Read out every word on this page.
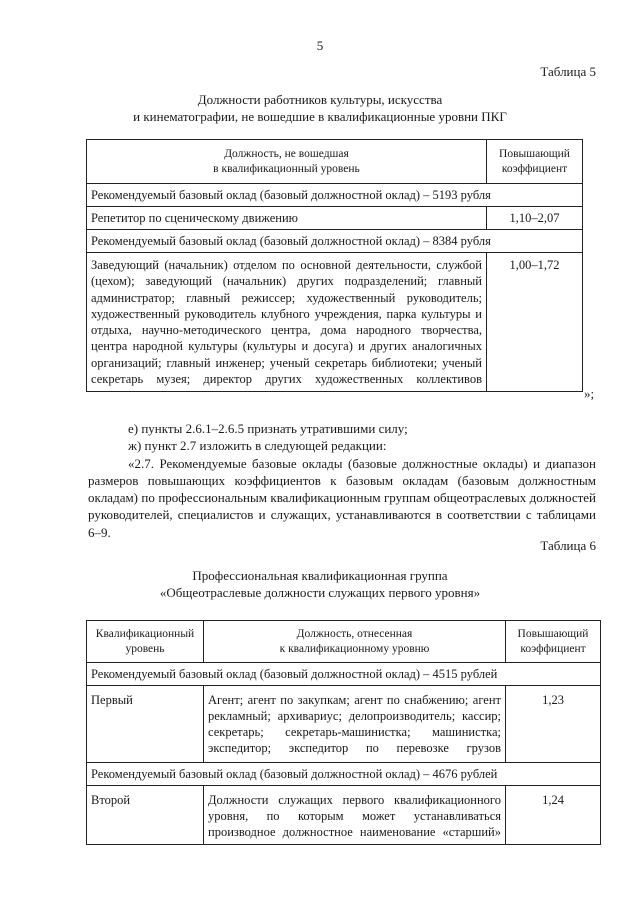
5
Таблица 5
Должности работников культуры, искусства
и кинематографии, не вошедшие в квалификационные уровни ПКГ
Должность, не вошедшая
в квалификационный уровень	Повышающий
коэффициент
Рекомендуемый базовый оклад (базовый должностной оклад) – 5193 рубля	
Репетитор по сценическому движению	1,10–2,07
Рекомендуемый базовый оклад (базовый должностной оклад) – 8384 рубля	
Заведующий (начальник) отделом по основной деятельности, службой (цехом); заведующий (начальник) других подразделений; главный администратор; главный режиссер; художественный руководитель; художественный руководитель клубного учреждения, парка культуры и отдыха, научно-методического центра, дома народного творчества, центра народной культуры (культуры и досуга) и других аналогичных организаций; главный инженер; ученый секретарь библиотеки; ученый секретарь музея; директор других художественных коллективов	1,00–1,72
»;
е) пункты 2.6.1–2.6.5 признать утратившими силу;
ж) пункт 2.7 изложить в следующей редакции:
«2.7. Рекомендуемые базовые оклады (базовые должностные оклады) и диапазон размеров повышающих коэффициентов к базовым окладам (базовым должностным окладам) по профессиональным квалификационным группам общеотраслевых должностей руководителей, специалистов и служащих, устанавливаются в соответствии с таблицами 6–9.
Таблица 6
Профессиональная квалификационная группа
«Общеотраслевые должности служащих первого уровня»
Квалификационный
уровень	Должность, отнесенная
к квалификационному уровню	Повышающий
коэффициент
Рекомендуемый базовый оклад (базовый должностной оклад) – 4515 рублей		
Первый	Агент; агент по закупкам; агент по снабжению; агент рекламный; архивариус; делопроизводитель; кассир; секретарь; секретарь-машинистка; машинистка; экспедитор; экспедитор по перевозке грузов	1,23
Рекомендуемый базовый оклад (базовый должностной оклад) – 4676 рублей		
Второй	Должности служащих первого квалификационного уровня, по которым может устанавливаться производное должностное наименование «старший»	1,24
